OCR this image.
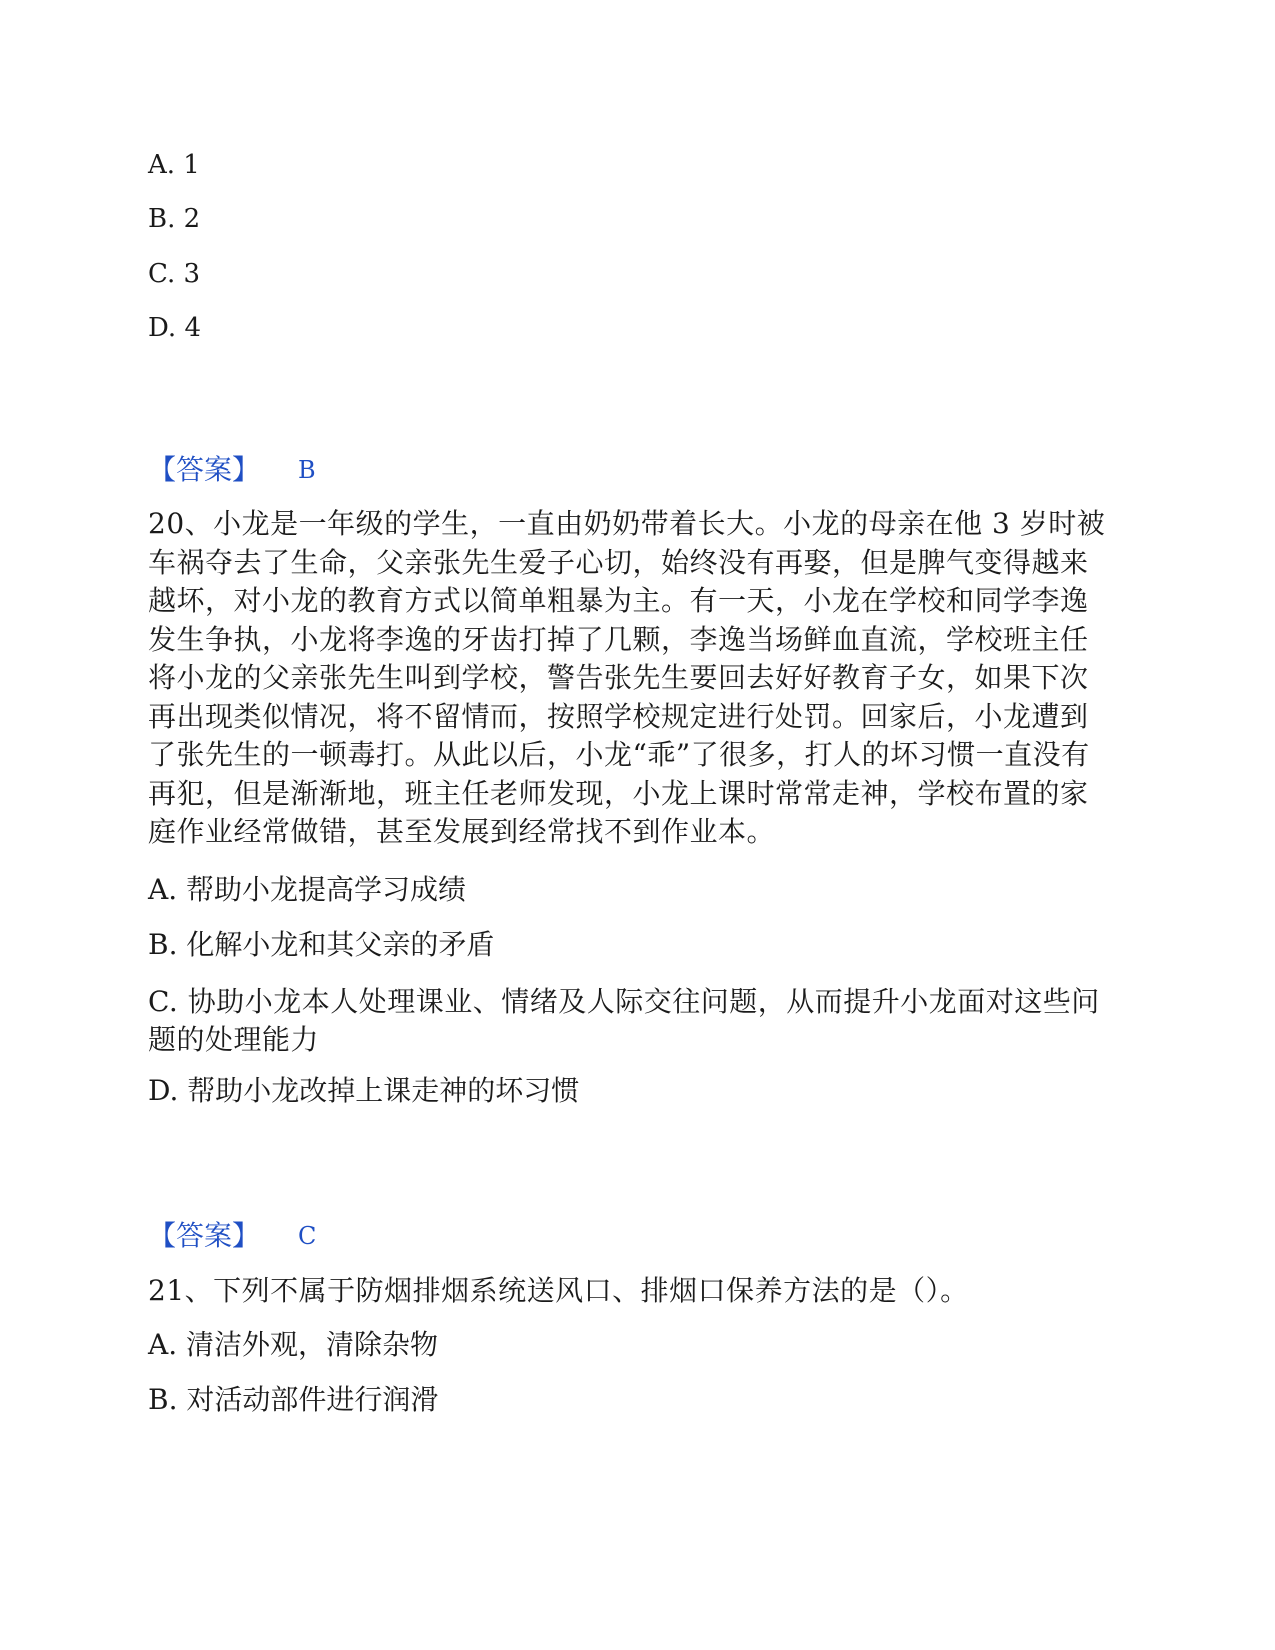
A. 1
B. 2
C. 3
D. 4
【答案】 B
20、小龙是一年级的学生，一直由奶奶带着长大。小龙的母亲在他 3 岁时被车祸夺去了生命，父亲张先生爱子心切，始终没有再娶，但是脾气变得越来越坏，对小龙的教育方式以简单粗暴为主。有一天，小龙在学校和同学李逸发生争执，小龙将李逸的牙齿打掉了几颗，李逸当场鲜血直流，学校班主任将小龙的父亲张先生叫到学校，警告张先生要回去好好教育子女，如果下次再出现类似情况，将不留情而，按照学校规定进行处罚。回家后，小龙遭到了张先生的一顿毒打。从此以后，小龙“乖”了很多，打人的坏习惯一直没有再犯，但是渐渐地，班主任老师发现，小龙上课时常常走神，学校布置的家庭作业经常做错，甚至发展到经常找不到作业本。
A. 帮助小龙提高学习成绩
B. 化解小龙和其父亲的矛盾
C. 协助小龙本人处理课业、情绪及人际交往问题，从而提升小龙面对这些问题的处理能力
D. 帮助小龙改掉上课走神的坏习惯
【答案】 C
21、下列不属于防烟排烟系统送风口、排烟口保养方法的是（）。
A. 清洁外观，清除杂物
B. 对活动部件进行润滑
